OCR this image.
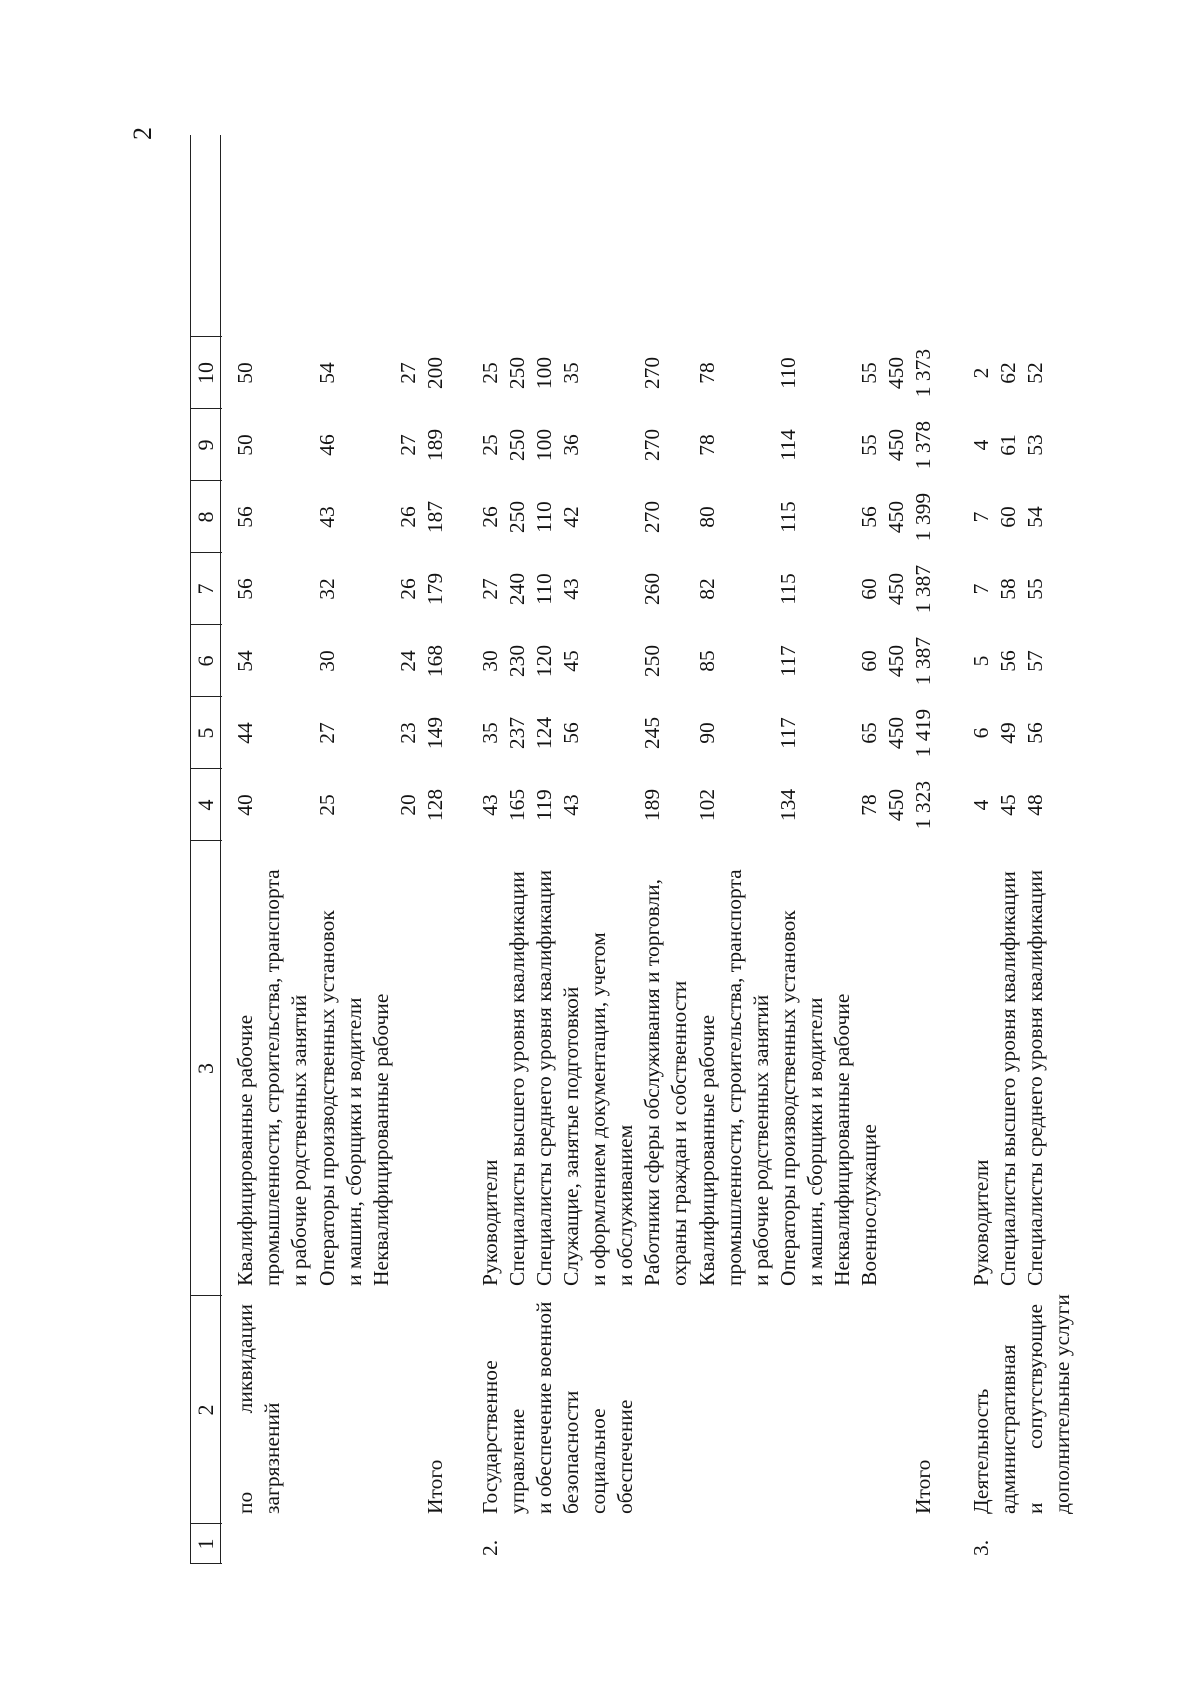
2
1
2
3
4
5
6
7
8
9
10
по
ликвидации
загрязнений
Квалифицированные рабочие промышленности, строительства, транспорта и рабочие родственных занятий Операторы производственных установок и машин, сборщики и водители Неквалифицированные рабочие
Итого
40
44
54
56
56
50
50
25
27
30
32
43
46
54
20
23
24
26
26
27
27
128
149
168
179
187
189
200
2.
Государственное управление и обеспечение военной безопасности социальное обеспечение
Руководители Специалисты высшего уровня квалификации Специалисты среднего уровня квалификации Служащие, занятые подготовкой и оформлением документации, учетом и обслуживанием Работники сферы обслуживания и торговли, охраны граждан и собственности Квалифицированные рабочие промышленности, строительства, транспорта и рабочие родственных занятий Операторы производственных установок и машин, сборщики и водители Неквалифицированные рабочие Военнослужащие
Итого
43
35
30
27
26
25
25
165
237
230
240
250
250
250
119
124
120
110
110
100
100
43
56
45
43
42
36
35
189
245
250
260
270
270
270
102
90
85
82
80
78
78
134
117
117
115
115
114
110
78
65
60
60
56
55
55
450
450
450
450
450
450
450
1 323
1 419
1 387
1 387
1 399
1 378
1 373
3.
Деятельность административная и
сопутствующие дополнительные услуги
Руководители Специалисты высшего уровня квалификации Специалисты среднего уровня квалификации
4
6
5
7
7
4
2
45
49
56
58
60
61
62
48
56
57
55
54
53
52
